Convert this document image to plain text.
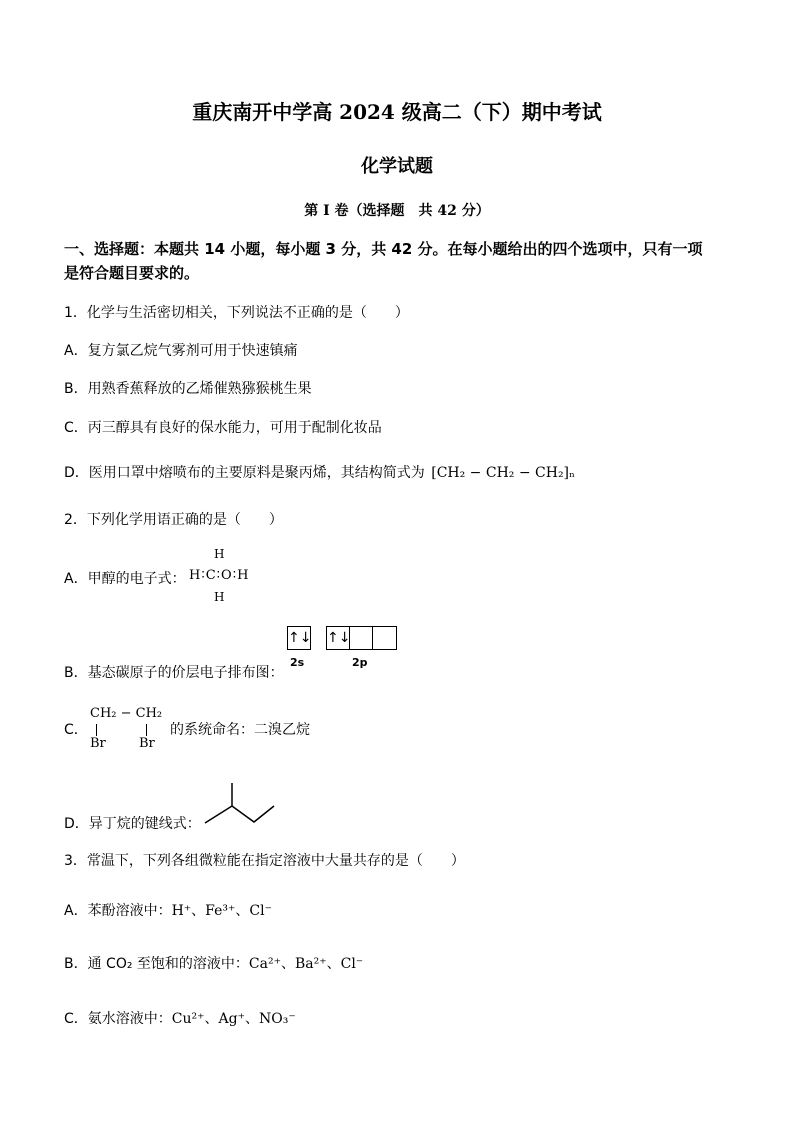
重庆南开中学高 2024 级高二（下）期中考试
化学试题
第 I 卷（选择题　共 42 分）
一、选择题：本题共 14 小题，每小题 3 分，共 42 分。在每小题给出的四个选项中，只有一项
是符合题目要求的。
1．化学与生活密切相关，下列说法不正确的是（　　）
A．复方氯乙烷气雾剂可用于快速镇痛
B．用熟香蕉释放的乙烯催熟猕猴桃生果
C．丙三醇具有良好的保水能力，可用于配制化妆品
D．医用口罩中熔喷布的主要原料是聚丙烯，其结构简式为 [CH₂ − CH₂ − CH₂]ₙ
2．下列化学用语正确的是（　　）
A．甲醇的电子式：
H
H∶C∶O∶H
H
B．基态碳原子的价层电子排布图：
↑↓ ↑↓
2s	2p
C．
CH₂ − CH₂
Br	Br
的系统命名：二溴乙烷
D．异丁烷的键线式：
3．常温下，下列各组微粒能在指定溶液中大量共存的是（　　）
A．苯酚溶液中：H⁺、Fe³⁺、Cl⁻
B．通 CO₂ 至饱和的溶液中：Ca²⁺、Ba²⁺、Cl⁻
C．氨水溶液中：Cu²⁺、Ag⁺、NO₃⁻
